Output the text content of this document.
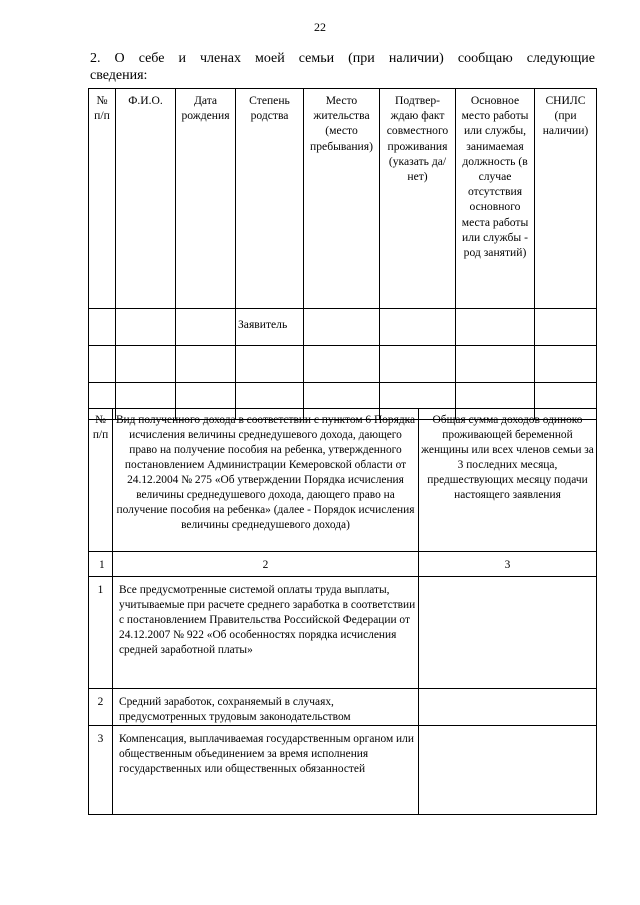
22
2. О себе и членах моей семьи (при наличии) сообщаю следующие
сведения:
№ п/п	Ф.И.О.	Дата рождения	Степень родства	Место жительства (место пребывания)	Подтвер-ждаю факт совместного проживания (указать да/нет)	Основное место работы или службы, занимаемая должность (в случае отсутствия основного места работы или службы - род занятий)	СНИЛС (при наличии)
			Заявитель				

№ п/п	Вид полученного дохода в соответствии с пунктом 6 Порядка исчисления величины среднедушевого дохода, дающего право на получение пособия на ребенка, утвержденного постановлением Администрации Кемеровской области от 24.12.2004 № 275 «Об утверждении Порядка исчисления величины среднедушевого дохода, дающего право на получение пособия на ребенка» (далее - Порядок исчисления величины среднедушевого дохода)	Общая сумма доходов одиноко проживающей беременной женщины или всех членов семьи за 3 последних месяца, предшествующих месяцу подачи настоящего заявления
1	2	3
1	Все предусмотренные системой оплаты труда выплаты, учитываемые при расчете среднего заработка в соответствии с постановлением Правительства Российской Федерации от 24.12.2007 № 922 «Об особенностях порядка исчисления средней заработной платы»	
2	Средний заработок, сохраняемый в случаях, предусмотренных трудовым законодательством	
3	Компенсация, выплачиваемая государственным органом или общественным объединением за время исполнения государственных или общественных обязанностей	
